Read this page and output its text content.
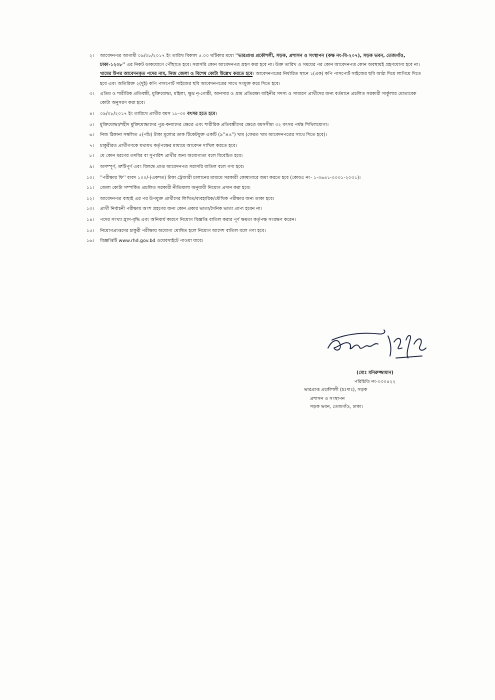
২।	আবেদনপত্র আগামী ০৯/০৮/২০১৭ ইং তারিখ বিকাল ৫.০০ ঘটিকার মধ্যে ''ভারপ্রাপ্ত প্রকৌশলী, সড়ক, প্রশাসন ও সংস্থাপন (কক্ষ নং-বি-২০৭), সড়ক ভবন, তেজগাঁও, ঢাকা-১২০৮'' এর নিকট ডাকযোগে পৌঁছাতে হবে। সরাসরি কোন আবেদনপত্র গ্রহণ করা হবে না। উক্ত তারিখ ও সময়ের পর কোন আবেদনপত্র কোন অবস্থায়ই গ্রহণযোগ্য হবে না। খামের উপর আবেদনকৃত পদের নাম, নিজ জেলা ও বিশেষ কোটা উল্লেখ করতে হবে। আবেদনপত্রের নির্ধারিত স্থানে ১(এক) কপি পাসপোর্ট সাইজের ছবি আঠা দিয়ে লাগিয়ে দিতে হবে এবং অতিরিক্ত ২(দুই) কপি পাসপোর্ট সাইজের ছবি আবেদনপত্রের সাথে সংযুক্ত করে দিতে হবে।
৩।	এতিম ও শারীরিক প্রতিবন্ধী, মুক্তিযোদ্ধা, মহিলা, ক্ষুদ্র নৃ-গোষ্ঠী, আনসার ও গ্রাম প্রতিরক্ষা বাহিনীর সদস্য ও সাধারণ প্রার্থীদের জন্য বর্তমানে প্রচলিত সরকারী সার্কুলার মোতাবেক কোটা অনুসরণ করা হবে।
৪।	০৯/০৮/২০১৭ ইং তারিখে প্রার্থীর বয়স ১৮-৩০ বৎসর হতে হবে।
৫।	মুক্তিযোদ্ধা/শহীদ মুক্তিযোদ্ধাদের পুত্র-কন্যাদের ক্ষেত্রে এবং শারীরিক প্রতিবন্ধীদের ক্ষেত্রে বয়সসীমা ৩২ বৎসর পর্যন্ত শিথিলযোগ্য।
৬।	নিজ ঠিকানা সম্বলিত ৫(পাঁচ) টাকা মূল্যের ডাক টিকেটযুক্ত একটি (৯"×৪") খাম (ফেরত খাম আবেদনপত্রের সাথে দিতে হবে)।
৭।	চাকুরীরত প্রার্থীগণকে যথাযথ কর্তৃপক্ষের মাধ্যমে আবেদন দাখিল করতে হবে।
৮।	যে কোন ধরণের তদবির বা সুপারিশ প্রার্থীর জন্য অযোগ্যতা বলে বিবেচিত হবে।
৯।	অসম্পূর্ণ, ত্রুটিপূর্ণ এবং বিলম্বে প্রাপ্ত আবেদনপত্র সরাসরি বাতিল বলে গণ্য হবে।
১০।	''পরীক্ষার ফি'' বাবদ ১০০/-(একশত) টাকা ট্রেজারী চালানের মাধ্যমে সরকারী কোষাগারে জমা করতে হবে (কোডঃ নং- ১-৩৬৪১-০০০১-২০৩১)।
১১।	জেলা কোটা সম্পর্কিত প্রচলিত সরকারী নীতিমালা অনুযায়ী নিয়োগ প্রদান করা হবে।
১২।	আবেদনপত্র বাছাই এর পর উপযুক্ত প্রার্থীদের লিখিত/ব্যবহারিক/মৌখিক পরীক্ষার জন্য ডাকা হবে।
১৩।	প্রার্থী নির্বাচনী পরীক্ষায় অংশ গ্রহণের জন্য কোন প্রকার ভাতা/দৈনিক ভাতা প্রাপ্য হবেন না।
১৪।	পদের সংখ্যা হ্রাস-বৃদ্ধি এবং অনিবার্য কারণে নিয়োগ বিজ্ঞপ্তি বাতিল করার পূর্ণ ক্ষমতা কর্তৃপক্ষ সংরক্ষণ করেন।
১৫।	নিয়োগপ্রাপ্তদের চাকুরী পরীক্ষায় অযোগ্য ঘোষিত হলে নিয়োগ আদেশ বাতিল বলে গণ্য হবে।
১৬।	বিজ্ঞপ্তিটি www.rhd.gov.bd ওয়েবসাইটে পাওয়া যাবে।
(মোঃ মনিরুজ্জামান)
পরিচিতি নং-০০০৪২২
ভারপ্রাপ্ত প্রকৌশলী (চঃদাঃ), সড়ক
প্রশাসন ও সংস্থাপন
সড়ক ভবন, তেজগাঁও, ঢাকা।
